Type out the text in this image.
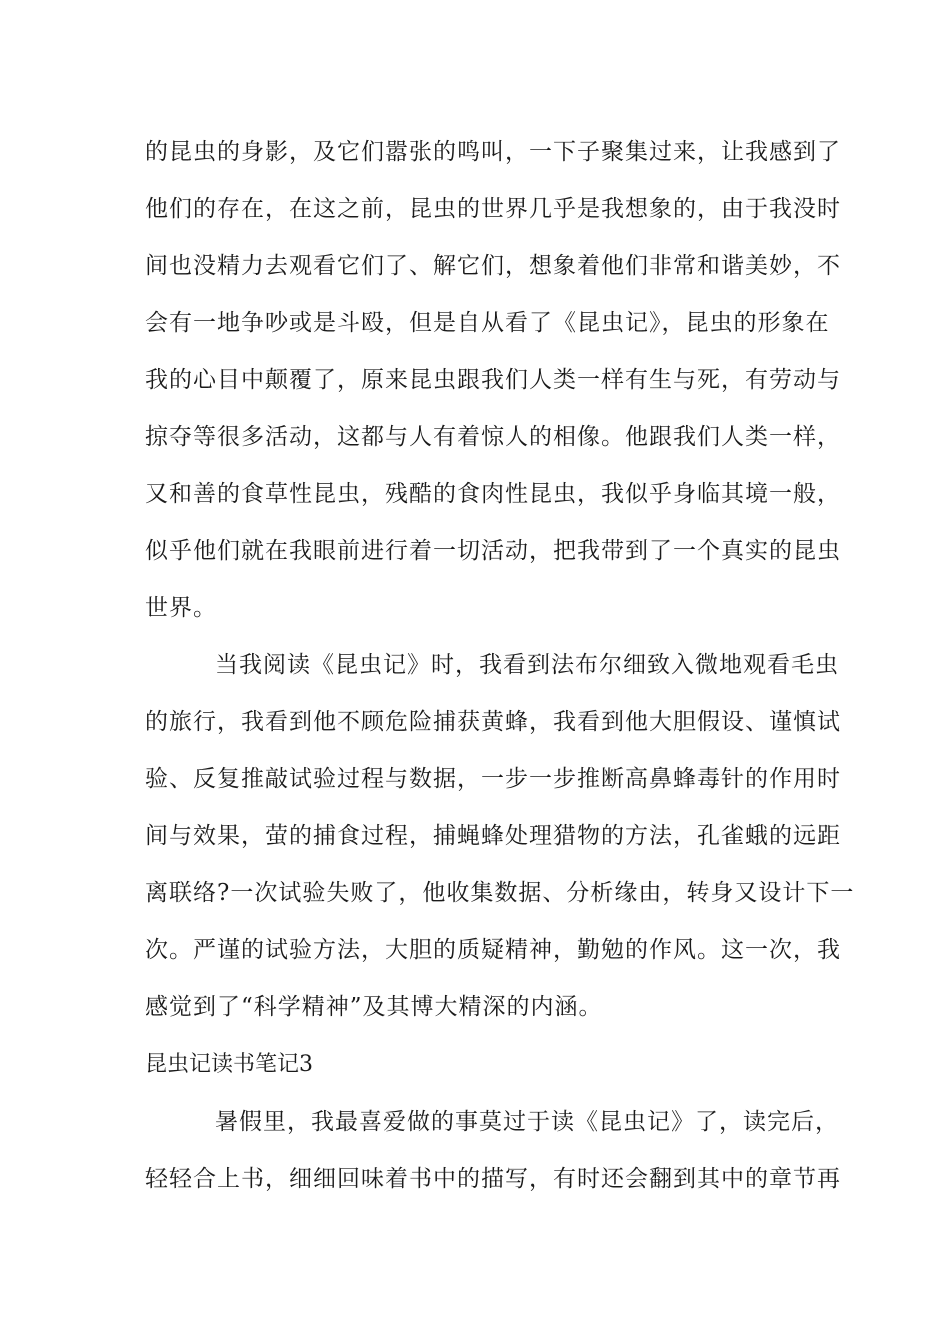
的昆虫的身影，及它们嚣张的鸣叫，一下子聚集过来，让我感到了
他们的存在，在这之前，昆虫的世界几乎是我想象的，由于我没时
间也没精力去观看它们了、解它们，想象着他们非常和谐美妙，不
会有一地争吵或是斗殴，但是自从看了《昆虫记》，昆虫的形象在
我的心目中颠覆了，原来昆虫跟我们人类一样有生与死，有劳动与
掠夺等很多活动，这都与人有着惊人的相像。他跟我们人类一样，
又和善的食草性昆虫，残酷的食肉性昆虫，我似乎身临其境一般，
似乎他们就在我眼前进行着一切活动，把我带到了一个真实的昆虫
世界。
当我阅读《昆虫记》时，我看到法布尔细致入微地观看毛虫
的旅行，我看到他不顾危险捕获黄蜂，我看到他大胆假设、谨慎试
验、反复推敲试验过程与数据，一步一步推断高鼻蜂毒针的作用时
间与效果，萤的捕食过程，捕蝇蜂处理猎物的方法，孔雀蛾的远距
离联络?一次试验失败了，他收集数据、分析缘由，转身又设计下一
次。严谨的试验方法，大胆的质疑精神，勤勉的作风。这一次，我
感觉到了“科学精神”及其博大精深的内涵。
昆虫记读书笔记3
暑假里，我最喜爱做的事莫过于读《昆虫记》了，读完后，
轻轻合上书，细细回味着书中的描写，有时还会翻到其中的章节再
